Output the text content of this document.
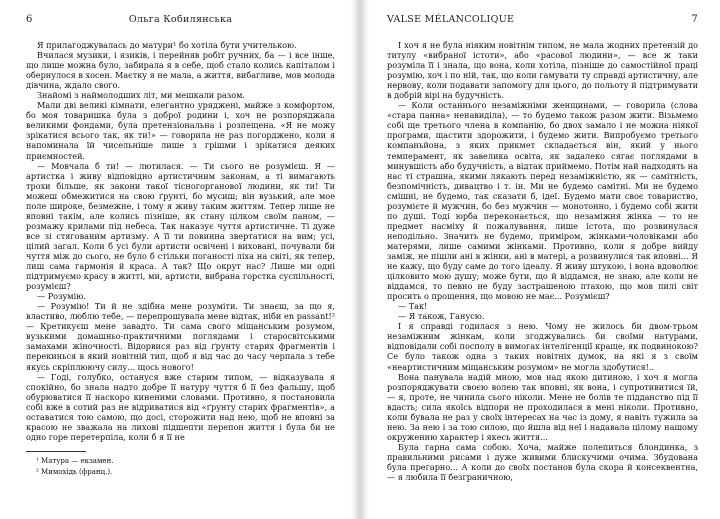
6	Ольга Кобилянська

Я прилагоджувалась до матури¹ бо хотіла бути учителькою.

Вчилася музики, і язиків, і перейняв робіт ручних, ба — і все інше, що лише можна було, забирала я в себе, щоб стало колись капіталом і обернулося в хосен. Маєтку я не мала, а життя, вибагливе, мов молода дівчина, ждало свого.

Знайомі з наймолодших літ, ми мешкали разом.

Мали дві великі кімнати, елегантно уряджені, майже з комфортом, бо моя товаришка була з доброї родини і, хоч не розпоряджала великими фондами, була претензіональна і розпещена. «Я не можу зрікатися всього так, як ти!» — говорила не раз погорджено, коли я напоминала їй чисельніше лише з грішми і зрікатися деяких приємностей.

— Мовчала б ти! — лютилася. — Ти сього не розумієш. Я — артистка і живу відповідно артистичним законам, а ті вимагають трохи більше, як закони такої тісногорганової людини, як ти! Ти можеш обмежитися на свою ґрунті, бо мусиш; він вузький, але мое поле широке, безмежне, і тому я живу таким життям. Тепер лише не вповні такім, але колись пізніше, як стану цілком своїм паном, — розмажу крилами під небеса. Так наказує чуття артистичне. Ті дуже все зі стягованим артизму. А її ти повинна звертатися на вим; усі, цілий загал. Коли б усі були артисти освічені і виховані, почували би чуття між до сього, не було б стільки поганості ліха на світі, як тепер, лиш сама гармонія й краса. А так? Що окрут нас? Лише ми одні підтримуємо красу в житті, ми, артисти, вибрана горстка суспільності, розумієш?

— Розумію.

— Розумію! Ти й не здібна мене розуміти. Ти знаєш, за що я, властиво, люблю тебе, — перепрошувала мене відтак, ніби en passant!² — Кретикуєш мене завадто. Ти сама свого міщанським розумом, вузькими домашньо-практичними поглядами і старосвітськими замахами жіночності. Відорвися раз від ґрунту старих фрагментів і перекинься в який новітній тип, щоб я від час до часу черпала з тебе якусь скріплюючу силу... щось нового!

— Годі, голубко, остануся вже старим типом, — відказувала я спокійно, бо знала надто добре її натуру чуття б її без фальшу, щоб обурюватися її наскоро киненими словами. Противно, я постановила собі вже в сотий раз не відриватися від «ґрунту старих фрагментів», а оставатися тою самою, що досі, сторожити над нею, щоб не вповні за красою не зважала на лихові підшепти перепон життя і була би не одно горе перетерпіла, коли б я її не

¹ Матура — екзамен.
² Мимохідь (франц.).
VALSE MÉLANCOLIQUE	7

І хоч я не була ніяким новітнім типом, не мала жодних претензій до титулу «вибраної істоти», або «расової людини», — все ж таки розуміла її і знала, що вона, коли хотіла, пізніше до самостійної праці розумію, хоч і по ній, так, що коли гамувати ту справді артистичну, але нервову, коли подавати запомогу для цього, до польоту й підтримувати в добрій вірі на будучність.

— Коли останнього незаміжніми женщинами, — говорила (слова «стара панна» ненавиділа), — то будемо також разом жити. Візьмемо собі ще третього члена в компанію, бо двох замало і не можна ніякої програми, щастити здорожити, і будемо жити. Випробуємо третього компаньйона, з яких прикмет складається він, який у нього темперамент, як завелика освіта, як задалеко сягає поглядами в минувшість або будучність, а відтак приймемо. Потім най надходять на нас ті страшна, якими лякають перед незаміжністю, як — самітність, безпомічність, дивацтво і т. ін. Ми не будемо самітні. Ми не будемо смішні, не будемо, так сказати б, ідеї. Будемо мати своє товариство, розумієте й мужчин, бо без мужчин — монотонно, і будемо собі жити по душі. Тоді юрба переконається, що незаміжня жінка — то не предмет насміху й пожалування, лише істота, що розвинулася неподільно. Значить не будемо, приміром, жінками-чоловіками або матерями, лише самими жінками. Противно, коли я добре вийду заміж, не пішли ані в жінки, ані в матері, а розвинулися так вповні... Я не кажу, що буду саме до того ідеалу. Я живу штукою, і вона вдоволює цілковито мою душу; може бути, що й віддамся, не знаю, але коли не віддамся, то певно не буду застрашеною птахою, що мов пилі світ просить о прощення, що мовою не має... Розумієш?

— Так!

— Я також, Ганусю.

І я справді годилася з нею. Чому не жилось би двом-трьом незаміжним жінкам, коли згоджувались би своїми натурами, відповідали собі посполу в вимогах інтелігенції краще, як подвинокою? Се було також одна з таких новітніх думок, на які я з своїм «неартистичним міщанським розумом» не могла здобутися!..

Вона панувала надій мною, мов над якою дитиною, і хоч я могла розпоряджувати своєю волею так вповні, як вона, і супротивитися їй, — я, проте, не чинила сього ніколи. Мене не болів те підданство під її вдасть; сила якоїсь відпори не проходилася в мені ніколи. Противно, коли бувала не раз у своїх інтересах на час із дому, я навіть тужила за нею. За нею і за тою силою, що йшла від неї і надавала цілому нашому окруженню характер і якесь життя...

Була гарна сама собою. Хоча, майже полепиться блондинка, з правильними рисами і дуже живими блискучими очима. Збудована була прегарно... А коли до своїх постанов була скора й консеквентна, — я любила її безграничною,
